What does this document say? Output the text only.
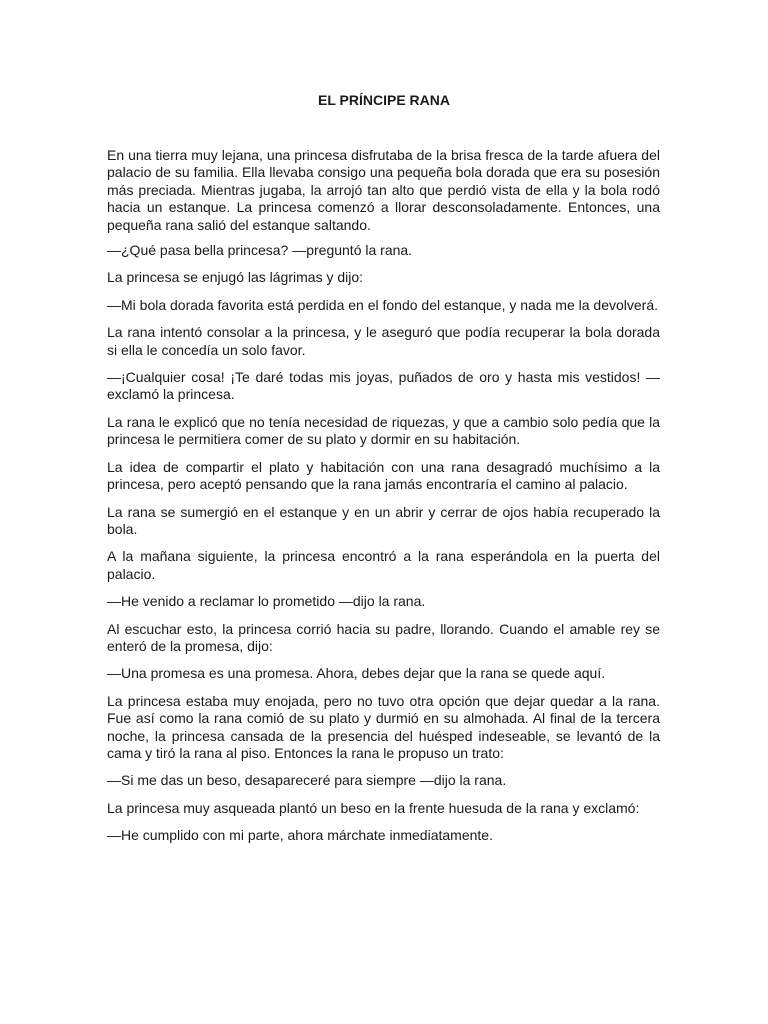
EL PRÍNCIPE RANA

En una tierra muy lejana, una princesa disfrutaba de la brisa fresca de la tarde afuera del palacio de su familia. Ella llevaba consigo una pequeña bola dorada que era su posesión más preciada. Mientras jugaba, la arrojó tan alto que perdió vista de ella y la bola rodó hacia un estanque. La princesa comenzó a llorar desconsoladamente. Entonces, una pequeña rana salió del estanque saltando.

—¿Qué pasa bella princesa? —preguntó la rana.

La princesa se enjugó las lágrimas y dijo:

—Mi bola dorada favorita está perdida en el fondo del estanque, y nada me la devolverá.

La rana intentó consolar a la princesa, y le aseguró que podía recuperar la bola dorada si ella le concedía un solo favor.

—¡Cualquier cosa! ¡Te daré todas mis joyas, puñados de oro y hasta mis vestidos! —exclamó la princesa.

La rana le explicó que no tenía necesidad de riquezas, y que a cambio solo pedía que la princesa le permitiera comer de su plato y dormir en su habitación.

La idea de compartir el plato y habitación con una rana desagradó muchísimo a la princesa, pero aceptó pensando que la rana jamás encontraría el camino al palacio.

La rana se sumergió en el estanque y en un abrir y cerrar de ojos había recuperado la bola.

A la mañana siguiente, la princesa encontró a la rana esperándola en la puerta del palacio.

—He venido a reclamar lo prometido —dijo la rana.

Al escuchar esto, la princesa corrió hacia su padre, llorando. Cuando el amable rey se enteró de la promesa, dijo:

—Una promesa es una promesa. Ahora, debes dejar que la rana se quede aquí.

La princesa estaba muy enojada, pero no tuvo otra opción que dejar quedar a la rana. Fue así como la rana comió de su plato y durmió en su almohada. Al final de la tercera noche, la princesa cansada de la presencia del huésped indeseable, se levantó de la cama y tiró la rana al piso. Entonces la rana le propuso un trato:

—Si me das un beso, desapareceré para siempre —dijo la rana.

La princesa muy asqueada plantó un beso en la frente huesuda de la rana y exclamó:

—He cumplido con mi parte, ahora márchate inmediatamente.
